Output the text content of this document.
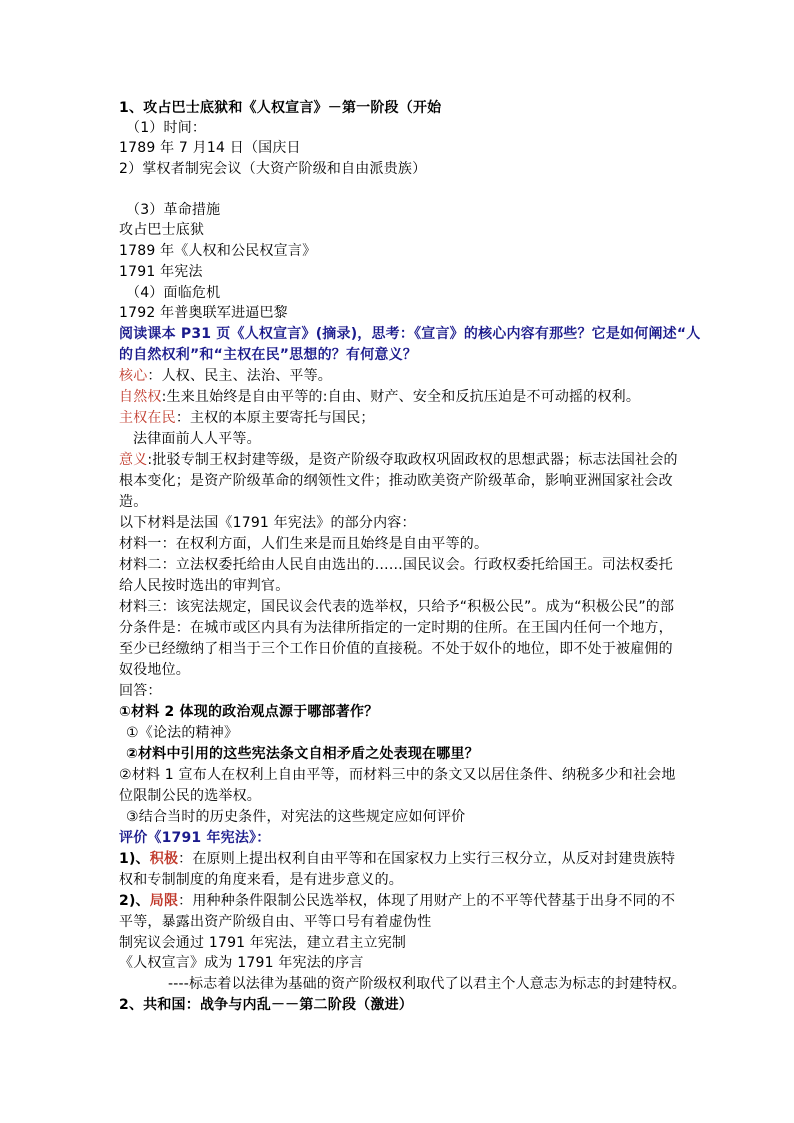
1、攻占巴士底狱和《人权宣言》－第一阶段（开始
（1）时间：
1789 年 7 月14 日（国庆日
2）掌权者制宪会议（大资产阶级和自由派贵族）
（3）革命措施
攻占巴士底狱
1789 年《人权和公民权宣言》
1791 年宪法
（4）面临危机
1792 年普奥联军进逼巴黎
阅读课本 P31 页《人权宣言》(摘录)，思考：《宣言》的核心内容有那些？它是如何阐述“人
的自然权利”和“主权在民”思想的？有何意义？
核心：人权、民主、法治、平等。
自然权:生来且始终是自由平等的:自由、财产、安全和反抗压迫是不可动摇的权利。
主权在民：主权的本原主要寄托与国民；
法律面前人人平等。
意义:批驳专制王权封建等级，是资产阶级夺取政权巩固政权的思想武器；标志法国社会的
根本变化；是资产阶级革命的纲领性文件；推动欧美资产阶级革命，影响亚洲国家社会改
造。
以下材料是法国《1791 年宪法》的部分内容：
材料一：在权利方面，人们生来是而且始终是自由平等的。
材料二：立法权委托给由人民自由选出的……国民议会。行政权委托给国王。司法权委托
给人民按时选出的审判官。
材料三：该宪法规定，国民议会代表的选举权，只给予“积极公民”。成为“积极公民”的部
分条件是：在城市或区内具有为法律所指定的一定时期的住所。在王国内任何一个地方，
至少已经缴纳了相当于三个工作日价值的直接税。不处于奴仆的地位，即不处于被雇佣的
奴役地位。
回答：
①材料 2 体现的政治观点源于哪部著作？
①《论法的精神》
②材料中引用的这些宪法条文自相矛盾之处表现在哪里？
②材料 1 宣布人在权利上自由平等，而材料三中的条文又以居住条件、纳税多少和社会地
位限制公民的选举权。
③结合当时的历史条件，对宪法的这些规定应如何评价
评价《1791 年宪法》：
1)、积极：在原则上提出权利自由平等和在国家权力上实行三权分立，从反对封建贵族特
权和专制制度的角度来看，是有进步意义的。
2)、局限：用种种条件限制公民选举权，体现了用财产上的不平等代替基于出身不同的不
平等，暴露出资产阶级自由、平等口号有着虚伪性
制宪议会通过 1791 年宪法，建立君主立宪制
《人权宣言》成为 1791 年宪法的序言
----标志着以法律为基础的资产阶级权利取代了以君主个人意志为标志的封建特权。
2、共和国：战争与内乱－－第二阶段（激进）
